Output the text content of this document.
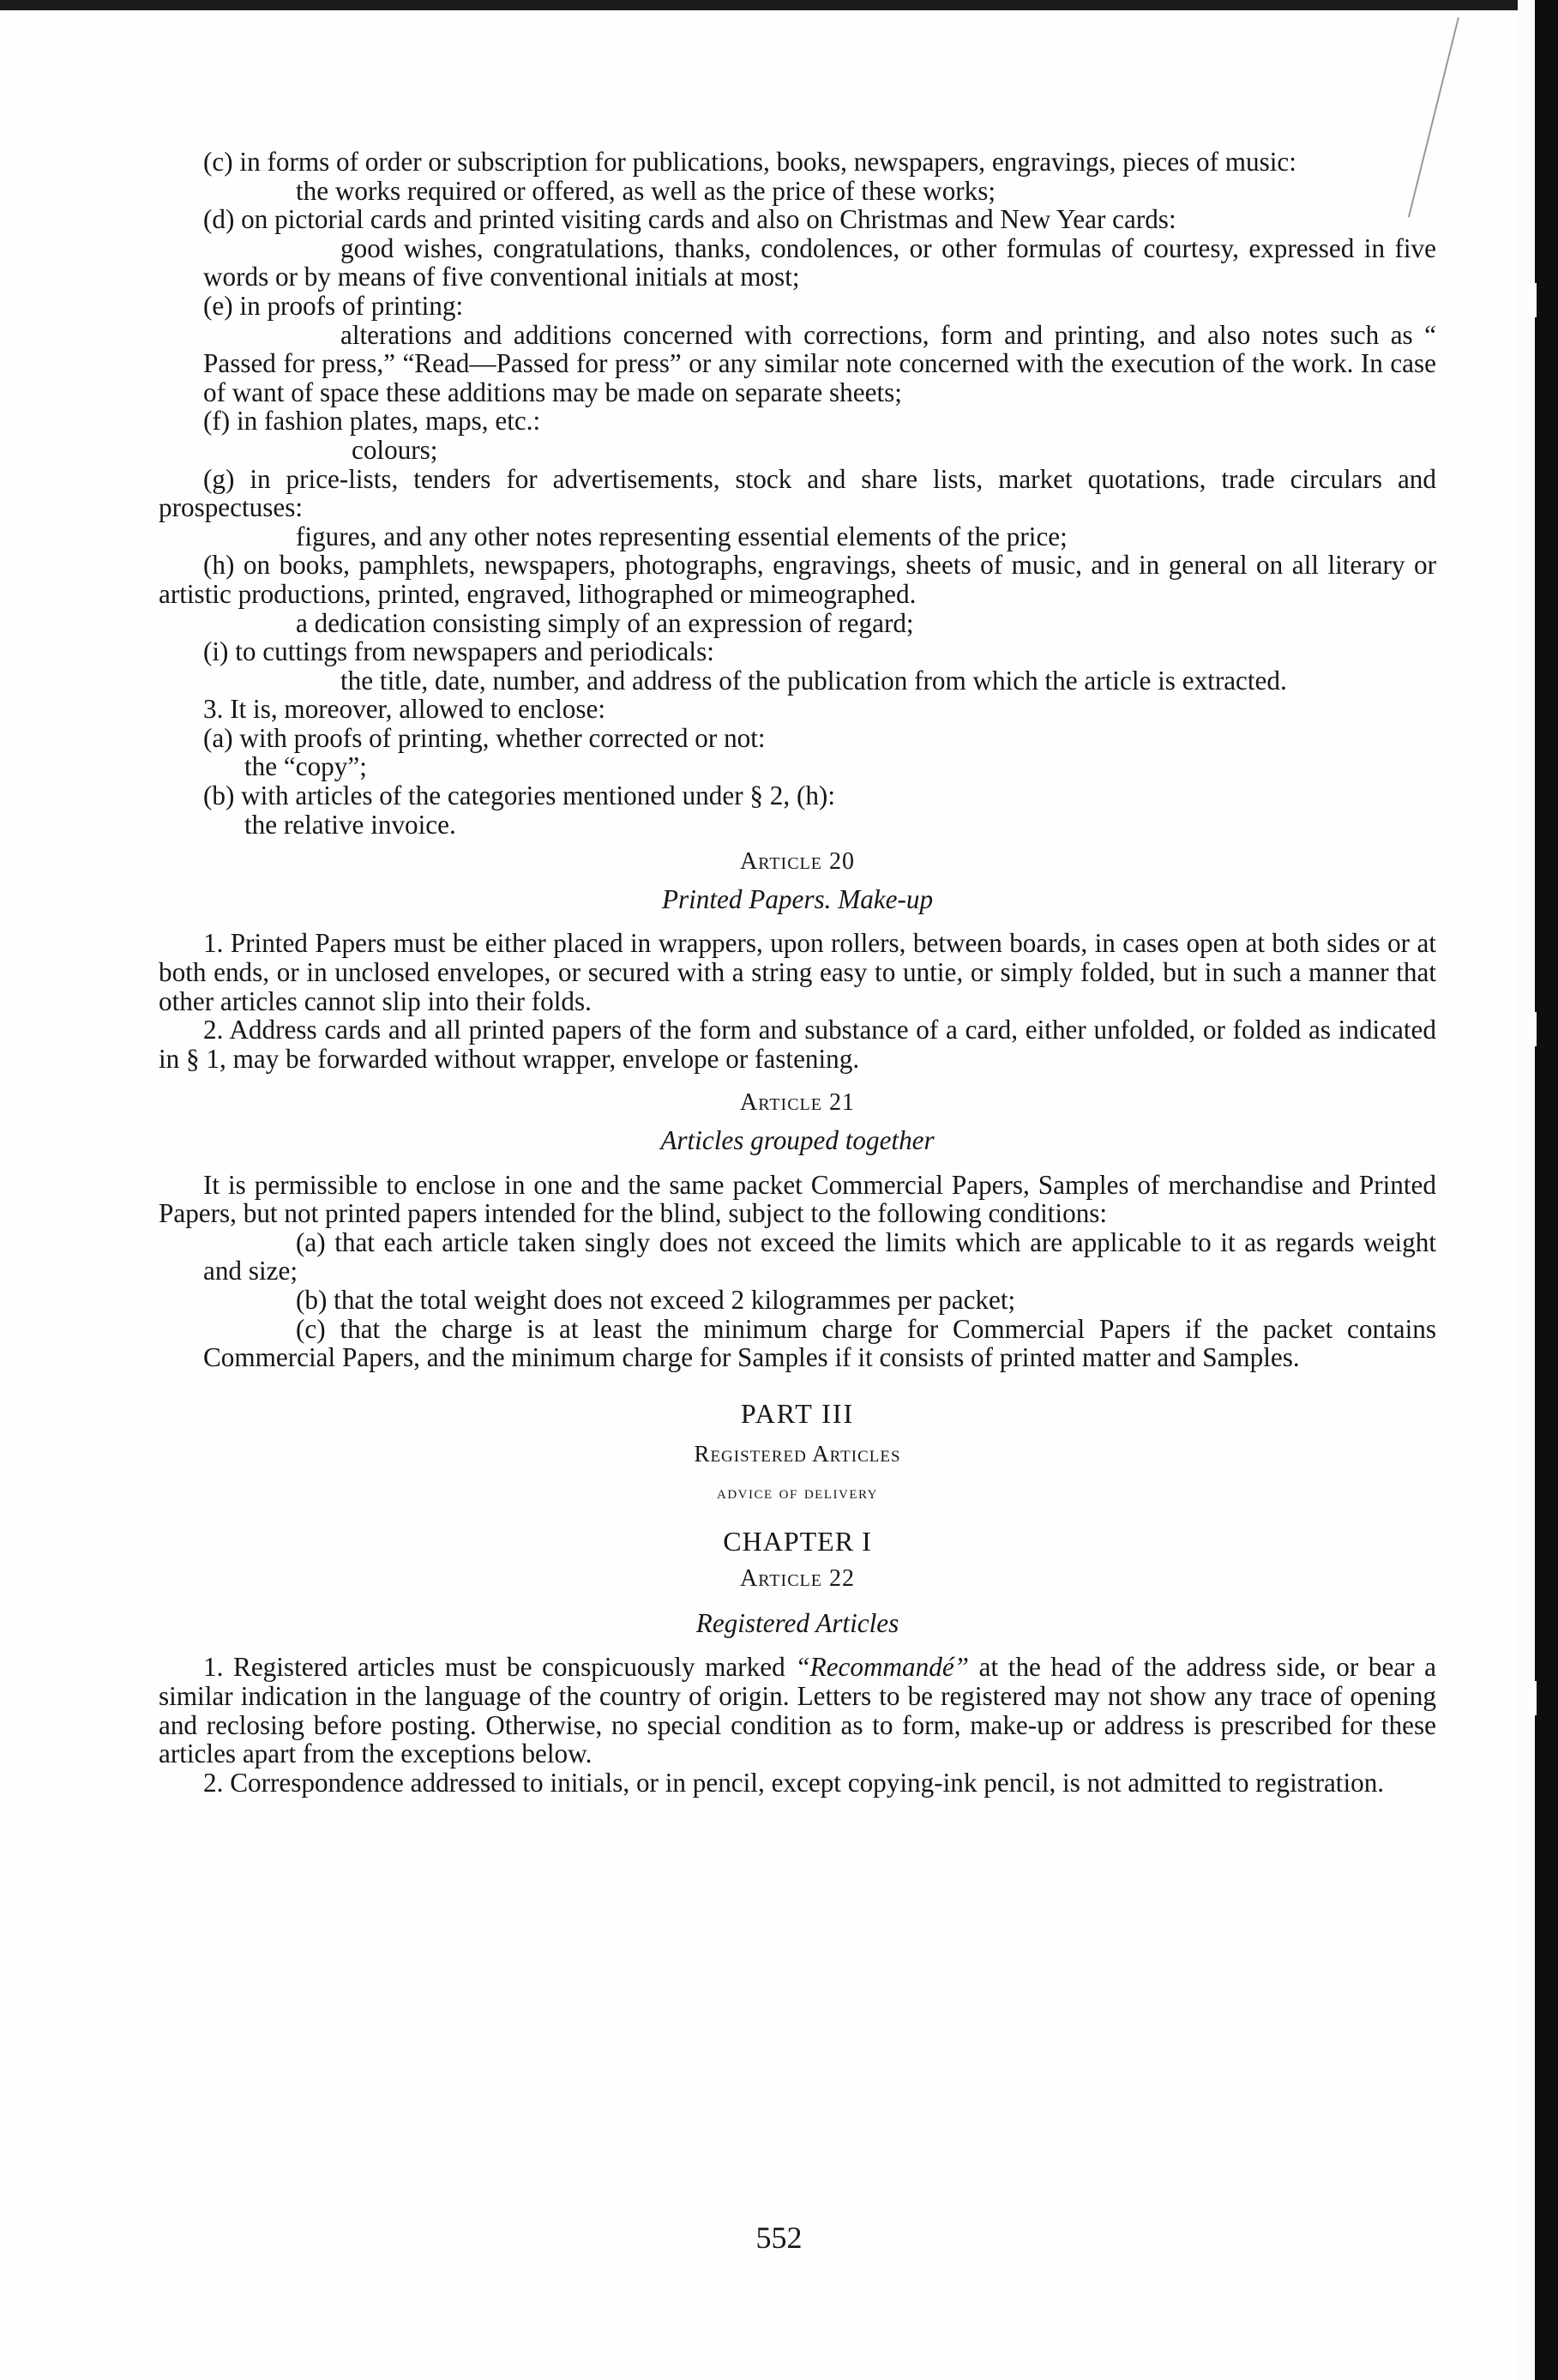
(c) in forms of order or subscription for publications, books, newspapers, engravings, pieces of music:

the works required or offered, as well as the price of these works;

(d) on pictorial cards and printed visiting cards and also on Christmas and New Year cards:

good wishes, congratulations, thanks, condolences, or other formulas of courtesy, expressed in five words or by means of five conventional initials at most;

(e) in proofs of printing:

alterations and additions concerned with corrections, form and printing, and also notes such as “ Passed for press,” “Read—Passed for press” or any similar note concerned with the execution of the work. In case of want of space these additions may be made on separate sheets;

(f) in fashion plates, maps, etc.:

colours;

(g) in price-lists, tenders for advertisements, stock and share lists, market quotations, trade circulars and prospectuses:

figures, and any other notes representing essential elements of the price;

(h) on books, pamphlets, newspapers, photographs, engravings, sheets of music, and in general on all literary or artistic productions, printed, engraved, lithographed or mimeographed.

a dedication consisting simply of an expression of regard;

(i) to cuttings from newspapers and periodicals:

the title, date, number, and address of the publication from which the article is extracted.

3. It is, moreover, allowed to enclose:

(a) with proofs of printing, whether corrected or not:

the “copy”;

(b) with articles of the categories mentioned under § 2, (h):

the relative invoice.

Article 20
Printed Papers. Make-up

1. Printed Papers must be either placed in wrappers, upon rollers, between boards, in cases open at both sides or at both ends, or in unclosed envelopes, or secured with a string easy to untie, or simply folded, but in such a manner that other articles cannot slip into their folds.

2. Address cards and all printed papers of the form and substance of a card, either unfolded, or folded as indicated in § 1, may be forwarded without wrapper, envelope or fastening.

Article 21
Articles grouped together

It is permissible to enclose in one and the same packet Commercial Papers, Samples of merchandise and Printed Papers, but not printed papers intended for the blind, subject to the following conditions:

(a) that each article taken singly does not exceed the limits which are applicable to it as regards weight and size;

(b) that the total weight does not exceed 2 kilogrammes per packet;

(c) that the charge is at least the minimum charge for Commercial Papers if the packet contains Commercial Papers, and the minimum charge for Samples if it consists of printed matter and Samples.

PART III
Registered Articles
advice of delivery
CHAPTER I
Article 22
Registered Articles

1. Registered articles must be conspicuously marked “Recommandé” at the head of the address side, or bear a similar indication in the language of the country of origin. Letters to be registered may not show any trace of opening and reclosing before posting. Otherwise, no special condition as to form, make-up or address is prescribed for these articles apart from the exceptions below.

2. Correspondence addressed to initials, or in pencil, except copying-ink pencil, is not admitted to registration.

552
